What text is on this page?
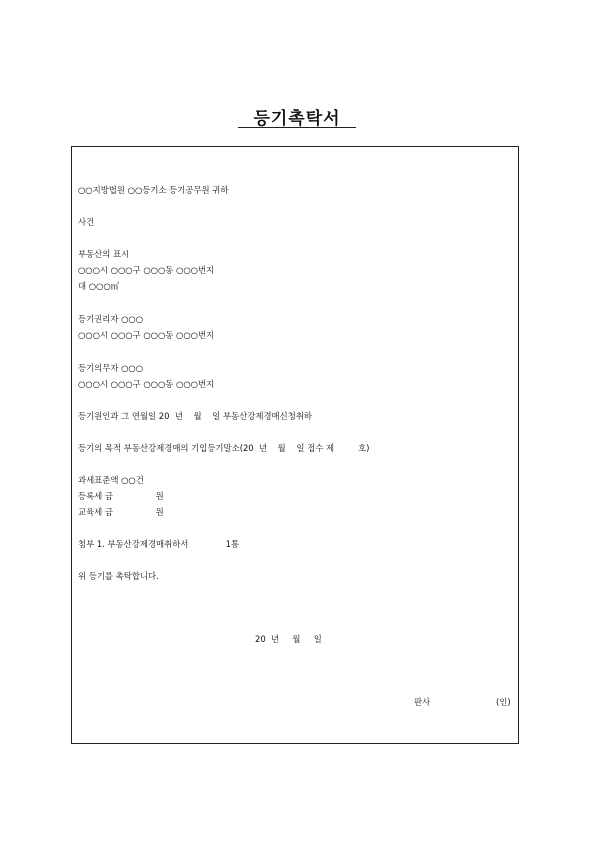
등기촉탁서
○○지방법원 ○○등기소 등기공무원 귀하
사건
부동산의 표시
○○○시 ○○○구 ○○○동 ○○○번지
대 ○○○㎡
등기권리자 ○○○
○○○시 ○○○구 ○○○동 ○○○번지
등기의무자 ○○○
○○○시 ○○○구 ○○○동 ○○○번지
등기원인과 그 연월일 20  년    월    일 부동산강제경매신청취하
등기의 목적 부동산강제경매의 기입등기말소(20  년    월    일 접수 제         호)
과세표준액 ○○건
등록세 금                원
교육세 금                원
첨부 1. 부동산강제경매취하서              1통
위 등기를 촉탁합니다.
20  년     월     일
판사	(인)
